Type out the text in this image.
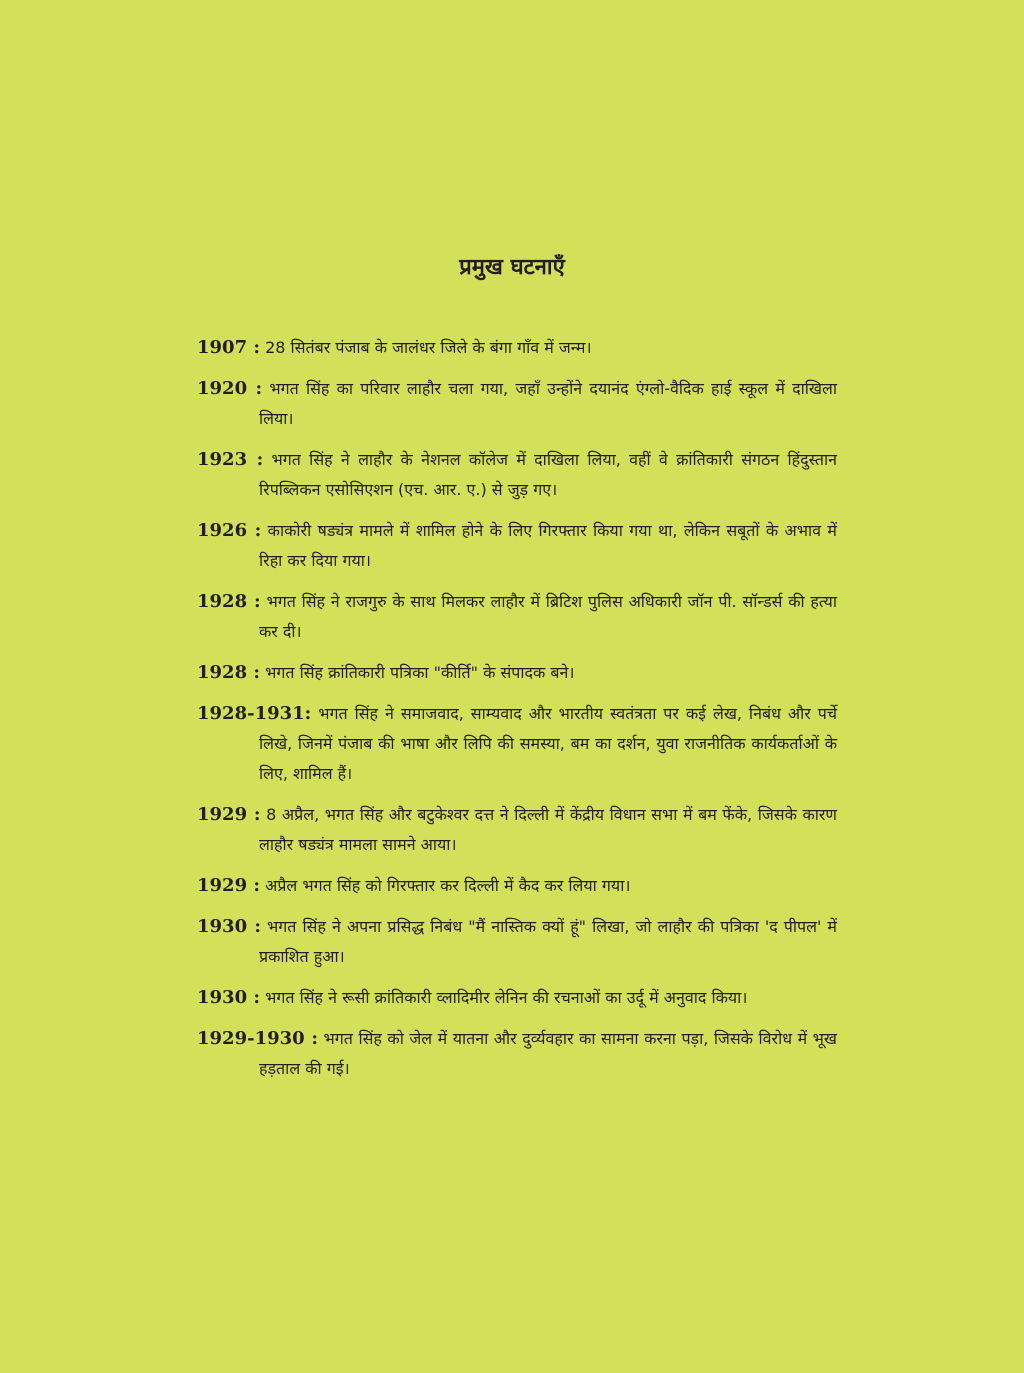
प्रमुख घटनाएँ

1907 : 28 सितंबर पंजाब के जालंधर जिले के बंगा गाँव में जन्म।

1920 : भगत सिंह का परिवार लाहौर चला गया, जहाँ उन्होंने दयानंद एंग्लो-वैदिक हाई स्कूल में दाखिला लिया।

1923 : भगत सिंह ने लाहौर के नेशनल कॉलेज में दाखिला लिया, वहीं वे क्रांतिकारी संगठन हिंदुस्तान रिपब्लिकन एसोसिएशन (एच. आर. ए.) से जुड़ गए।

1926 : काकोरी षड्यंत्र मामले में शामिल होने के लिए गिरफ्तार किया गया था, लेकिन सबूतों के अभाव में रिहा कर दिया गया।

1928 : भगत सिंह ने राजगुरु के साथ मिलकर लाहौर में ब्रिटिश पुलिस अधिकारी जॉन पी. सॉन्डर्स की हत्या कर दी।

1928 : भगत सिंह क्रांतिकारी पत्रिका "कीर्ति" के संपादक बने।

1928-1931: भगत सिंह ने समाजवाद, साम्यवाद और भारतीय स्वतंत्रता पर कई लेख, निबंध और पर्चे लिखे, जिनमें पंजाब की भाषा और लिपि की समस्या, बम का दर्शन, युवा राजनीतिक कार्यकर्ताओं के लिए, शामिल हैं।

1929 : 8 अप्रैल, भगत सिंह और बटुकेश्वर दत्त ने दिल्ली में केंद्रीय विधान सभा में बम फेंके, जिसके कारण लाहौर षड्यंत्र मामला सामने आया।

1929 : अप्रैल भगत सिंह को गिरफ्तार कर दिल्ली में कैद कर लिया गया।

1930 : भगत सिंह ने अपना प्रसिद्ध निबंध "मैं नास्तिक क्यों हूं" लिखा, जो लाहौर की पत्रिका 'द पीपल' में प्रकाशित हुआ।

1930 : भगत सिंह ने रूसी क्रांतिकारी व्लादिमीर लेनिन की रचनाओं का उर्दू में अनुवाद किया।

1929-1930 : भगत सिंह को जेल में यातना और दुर्व्यवहार का सामना करना पड़ा, जिसके विरोध में भूख हड़ताल की गई।
